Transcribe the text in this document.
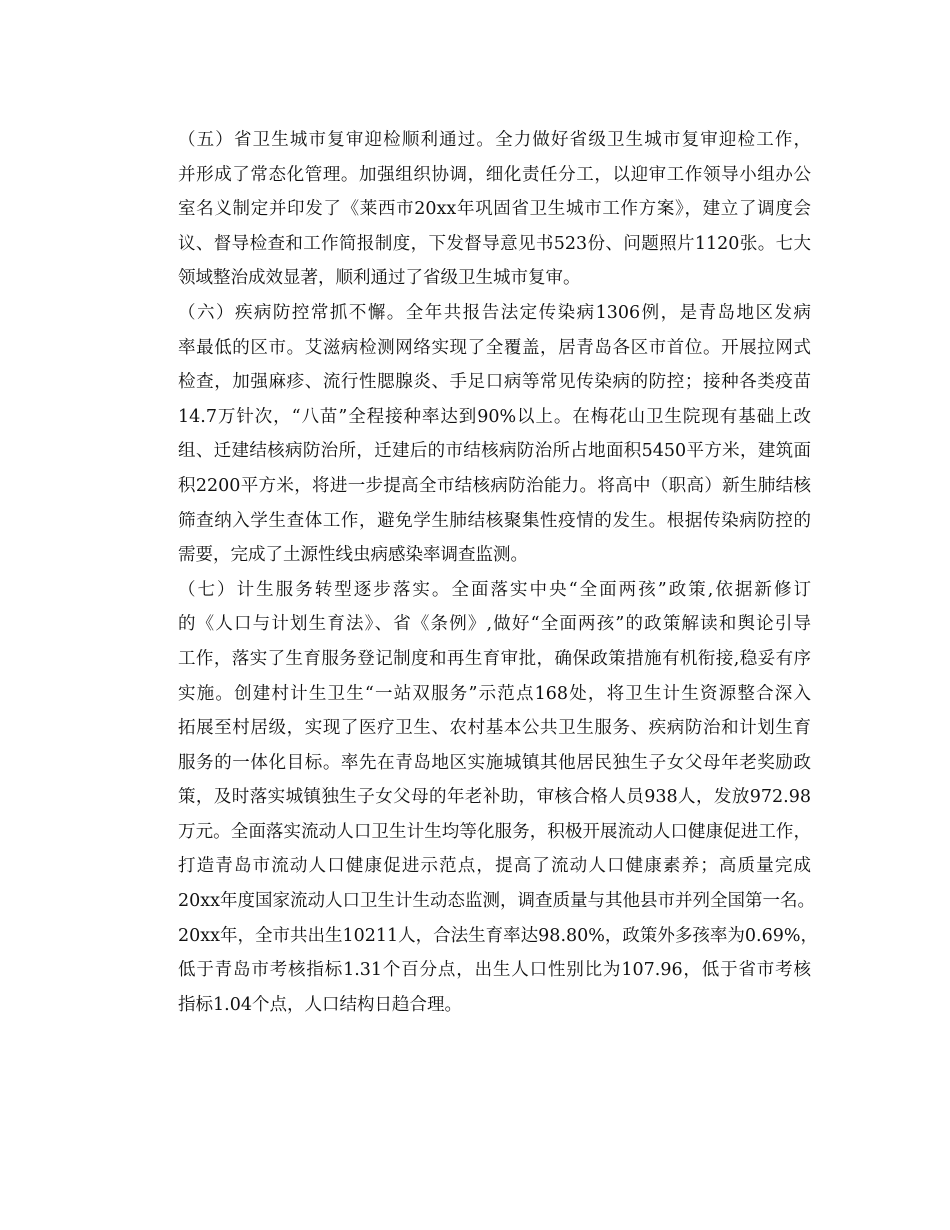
（五）省卫生城市复审迎检顺利通过。全力做好省级卫生城市复审迎检工作，
并形成了常态化管理。加强组织协调，细化责任分工，以迎审工作领导小组办公
室名义制定并印发了《莱西市20xx年巩固省卫生城市工作方案》，建立了调度会
议、督导检查和工作简报制度，下发督导意见书523份、问题照片1120张。七大
领域整治成效显著，顺利通过了省级卫生城市复审。

（六）疾病防控常抓不懈。全年共报告法定传染病1306例，是青岛地区发病
率最低的区市。艾滋病检测网络实现了全覆盖，居青岛各区市首位。开展拉网式
检查，加强麻疹、流行性腮腺炎、手足口病等常见传染病的防控；接种各类疫苗
14.7万针次，“八苗”全程接种率达到90%以上。在梅花山卫生院现有基础上改
组、迁建结核病防治所，迁建后的市结核病防治所占地面积5450平方米，建筑面
积2200平方米，将进一步提高全市结核病防治能力。将高中（职高）新生肺结核
筛查纳入学生查体工作，避免学生肺结核聚集性疫情的发生。根据传染病防控的
需要，完成了土源性线虫病感染率调查监测。

（七）计生服务转型逐步落实。全面落实中央“全面两孩”政策,依据新修订
的《人口与计划生育法》、省《条例》,做好“全面两孩”的政策解读和舆论引导
工作，落实了生育服务登记制度和再生育审批，确保政策措施有机衔接,稳妥有序
实施。创建村计生卫生“一站双服务”示范点168处，将卫生计生资源整合深入
拓展至村居级，实现了医疗卫生、农村基本公共卫生服务、疾病防治和计划生育
服务的一体化目标。率先在青岛地区实施城镇其他居民独生子女父母年老奖励政
策，及时落实城镇独生子女父母的年老补助，审核合格人员938人，发放972.98
万元。全面落实流动人口卫生计生均等化服务，积极开展流动人口健康促进工作，
打造青岛市流动人口健康促进示范点，提高了流动人口健康素养；高质量完成
20xx年度国家流动人口卫生计生动态监测，调查质量与其他县市并列全国第一名。
20xx年，全市共出生10211人，合法生育率达98.80%，政策外多孩率为0.69%，
低于青岛市考核指标1.31个百分点，出生人口性别比为107.96，低于省市考核
指标1.04个点，人口结构日趋合理。
